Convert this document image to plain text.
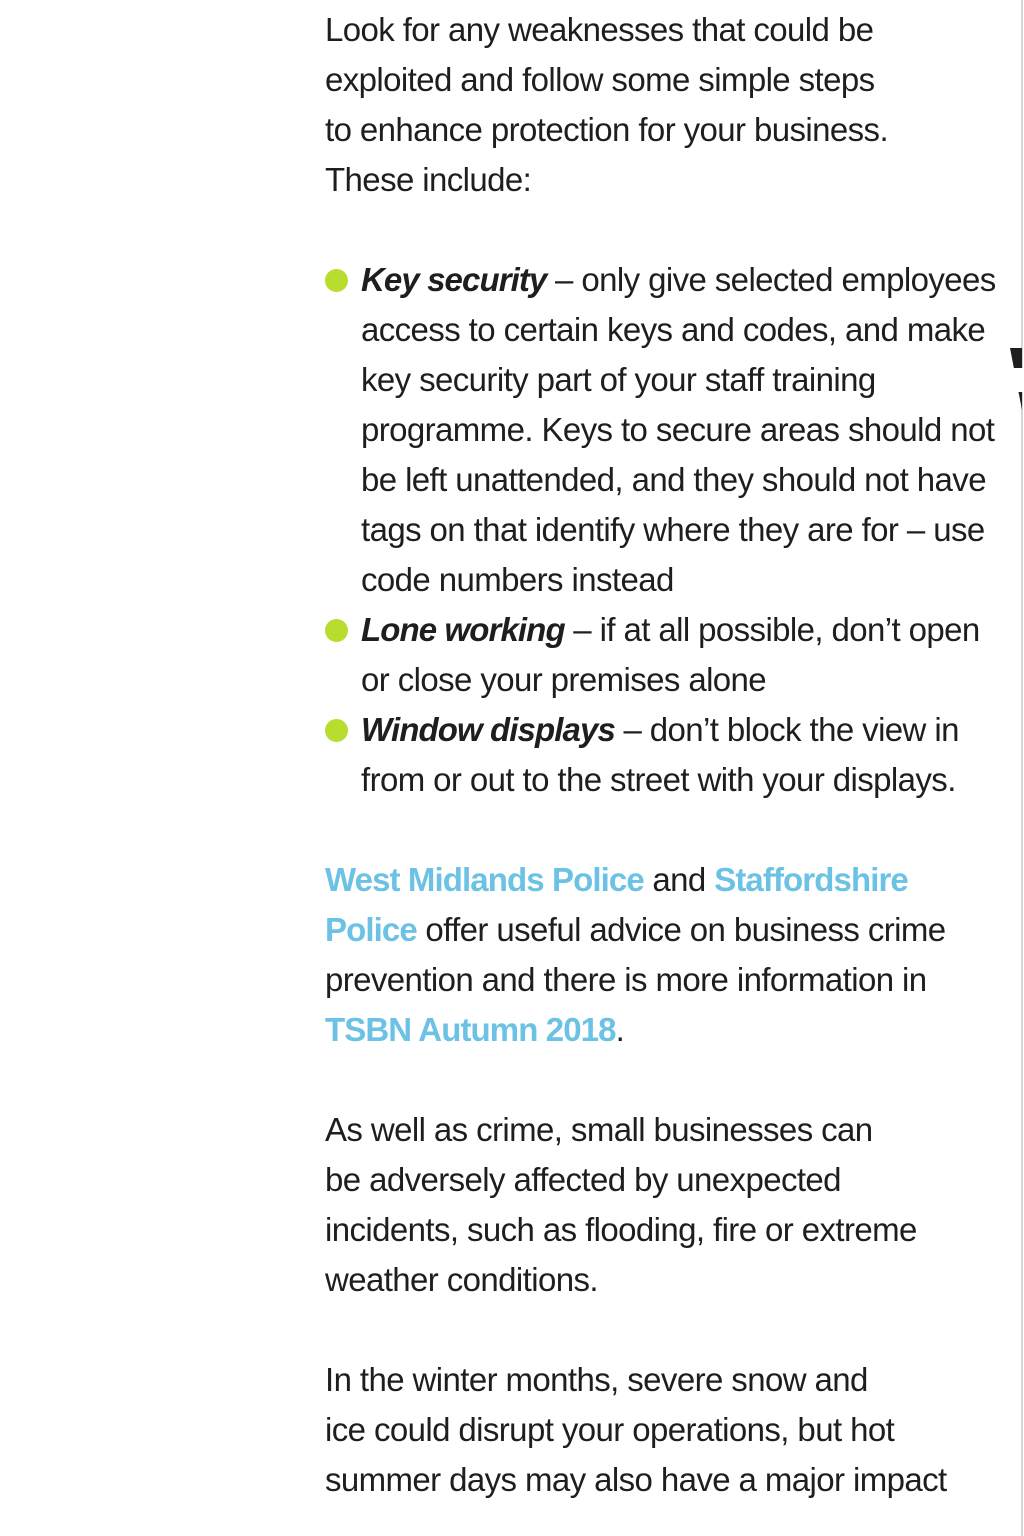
Look for any weaknesses that could be
exploited and follow some simple steps
to enhance protection for your business.
These include:

Key security – only give selected employees access to certain keys and codes, and make key security part of your staff training programme. Keys to secure areas should not be left unattended, and they should not have tags on that identify where they are for – use code numbers instead
Lone working – if at all possible, don’t open or close your premises alone
Window displays – don’t block the view in from or out to the street with your displays.

West Midlands Police and Staffordshire Police offer useful advice on business crime prevention and there is more information in TSBN Autumn 2018.

As well as crime, small businesses can
be adversely affected by unexpected
incidents, such as flooding, fire or extreme
weather conditions.

In the winter months, severe snow and
ice could disrupt your operations, but hot
summer days may also have a major impact
